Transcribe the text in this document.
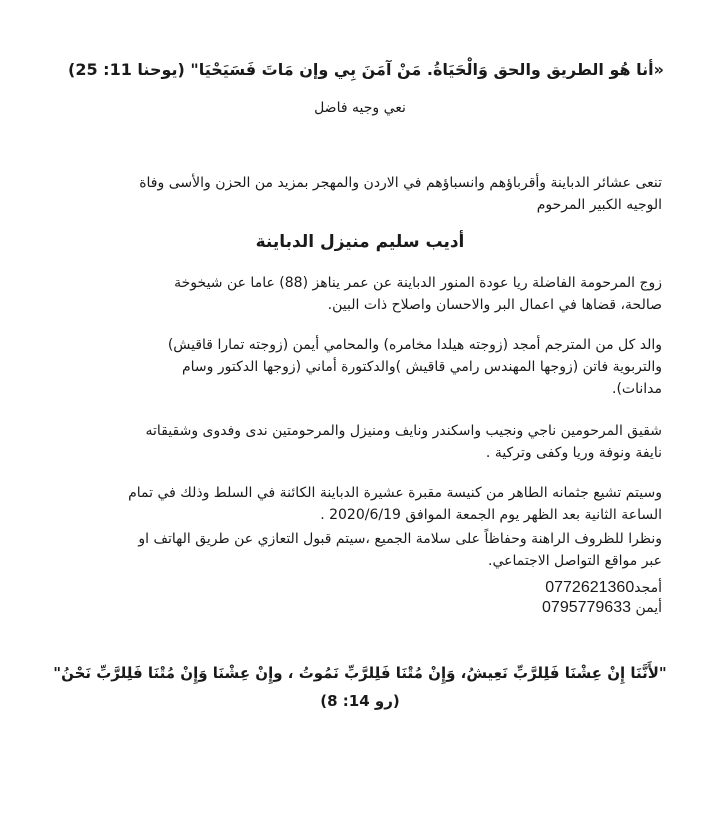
«أنا هُو الطريق والحق وَالْحَيَاةُ. مَنْ آمَنَ بِي وإن مَاتَ فَسَيَحْيَا" (يوحنا 11: 25)

نعي وجيه فاضل

تنعى عشائر الدباينة وأقرباؤهم وانسباؤهم في الاردن والمهجر بمزيد من الحزن والأسى وفاة

الوجيه الكبير المرحوم

أديب سليم منيزل الدباينة

زوج المرحومة الفاضلة ريا عودة المنور الدباينة عن عمر يناهز (88) عاما عن شيخوخة

صالحة، قضاها في اعمال البر والاحسان واصلاح ذات البين.

والد كل من المترجم أمجد (زوجته هيلدا مخامره) والمحامي أيمن (زوجته تمارا قاقيش)

والتربوية فاتن (زوجها المهندس رامي قاقيش )والدكتورة أماني (زوجها الدكتور وسام

مدانات).

شقيق المرحومين ناجي ونجيب واسكندر ونايف ومنيزل والمرحومتين ندى وفدوى وشقيقاته

نايفة ونوفة وريا وكفى وتركية .

وسيتم تشيع جثمانه الطاهر من كنيسة مقبرة عشيرة الدباينة الكائنة في السلط وذلك في تمام

الساعة الثانية بعد الظهر يوم الجمعة الموافق 2020/6/19 .

ونظرا للظروف الراهنة وحفاظاً على سلامة الجميع ،سيتم قبول التعازي عن طريق الهاتف او

عبر مواقع التواصل الاجتماعي.

أمجد0772621360

أيمن 0795779633

"لأَنَّنَا إِنْ عِشْنَا فَلِلرَّبِّ نَعِيشُ، وَإِنْ مُتْنَا فَلِلرَّبِّ نَمُوتُ ، وإِنْ عِشْنَا وَإِنْ مُتْنَا فَلِلرَّبِّ نَحْنُ"

(رو 14: 8)
